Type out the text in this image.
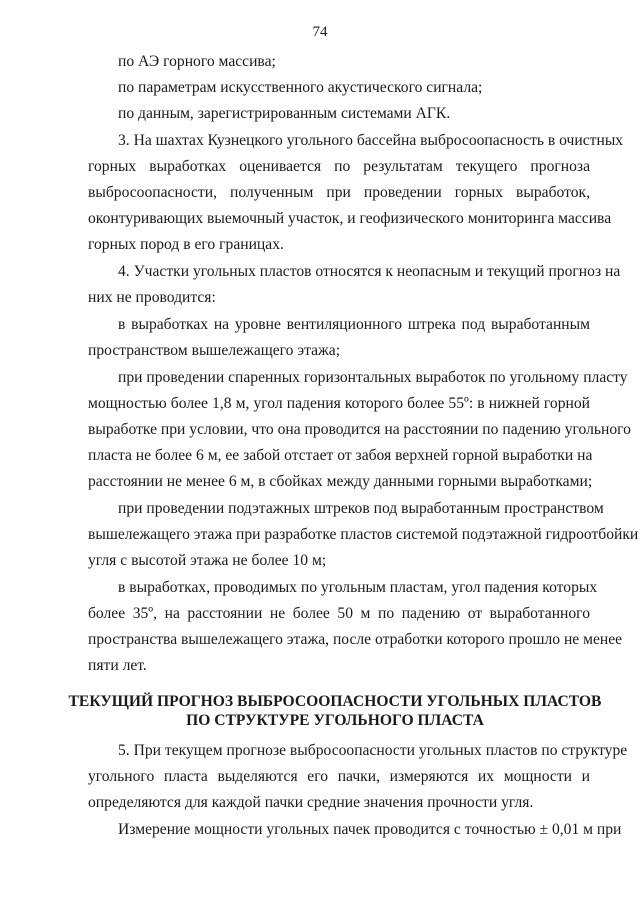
74

по АЭ горного массива;

по параметрам искусственного акустического сигнала;

по данным, зарегистрированным системами АГК.

3. На шахтах Кузнецкого угольного бассейна выбросоопасность в очистных

горных выработках оценивается по результатам текущего прогноза

выбросоопасности, полученным при проведении горных выработок,

оконтуривающих выемочный участок, и геофизического мониторинга массива

горных пород в его границах.

4. Участки угольных пластов относятся к неопасным и текущий прогноз на

них не проводится:

в выработках на уровне вентиляционного штрека под выработанным

пространством вышележащего этажа;

при проведении спаренных горизонтальных выработок по угольному пласту

мощностью более 1,8 м, угол падения которого более 55º: в нижней горной

выработке при условии, что она проводится на расстоянии по падению угольного

пласта не более 6 м, ее забой отстает от забоя верхней горной выработки на

расстоянии не менее 6 м, в сбойках между данными горными выработками;

при проведении подэтажных штреков под выработанным пространством

вышележащего этажа при разработке пластов системой подэтажной гидроотбойки

угля с высотой этажа не более 10 м;

в выработках, проводимых по угольным пластам, угол падения которых

более 35º, на расстоянии не более 50 м по падению от выработанного

пространства вышележащего этажа, после отработки которого прошло не менее

пяти лет.

ТЕКУЩИЙ ПРОГНОЗ ВЫБРОСООПАСНОСТИ УГОЛЬНЫХ ПЛАСТОВ
ПО СТРУКТУРЕ УГОЛЬНОГО ПЛАСТА

5. При текущем прогнозе выбросоопасности угольных пластов по структуре

угольного пласта выделяются его пачки, измеряются их мощности и

определяются для каждой пачки средние значения прочности угля.

Измерение мощности угольных пачек проводится с точностью ± 0,01 м при
